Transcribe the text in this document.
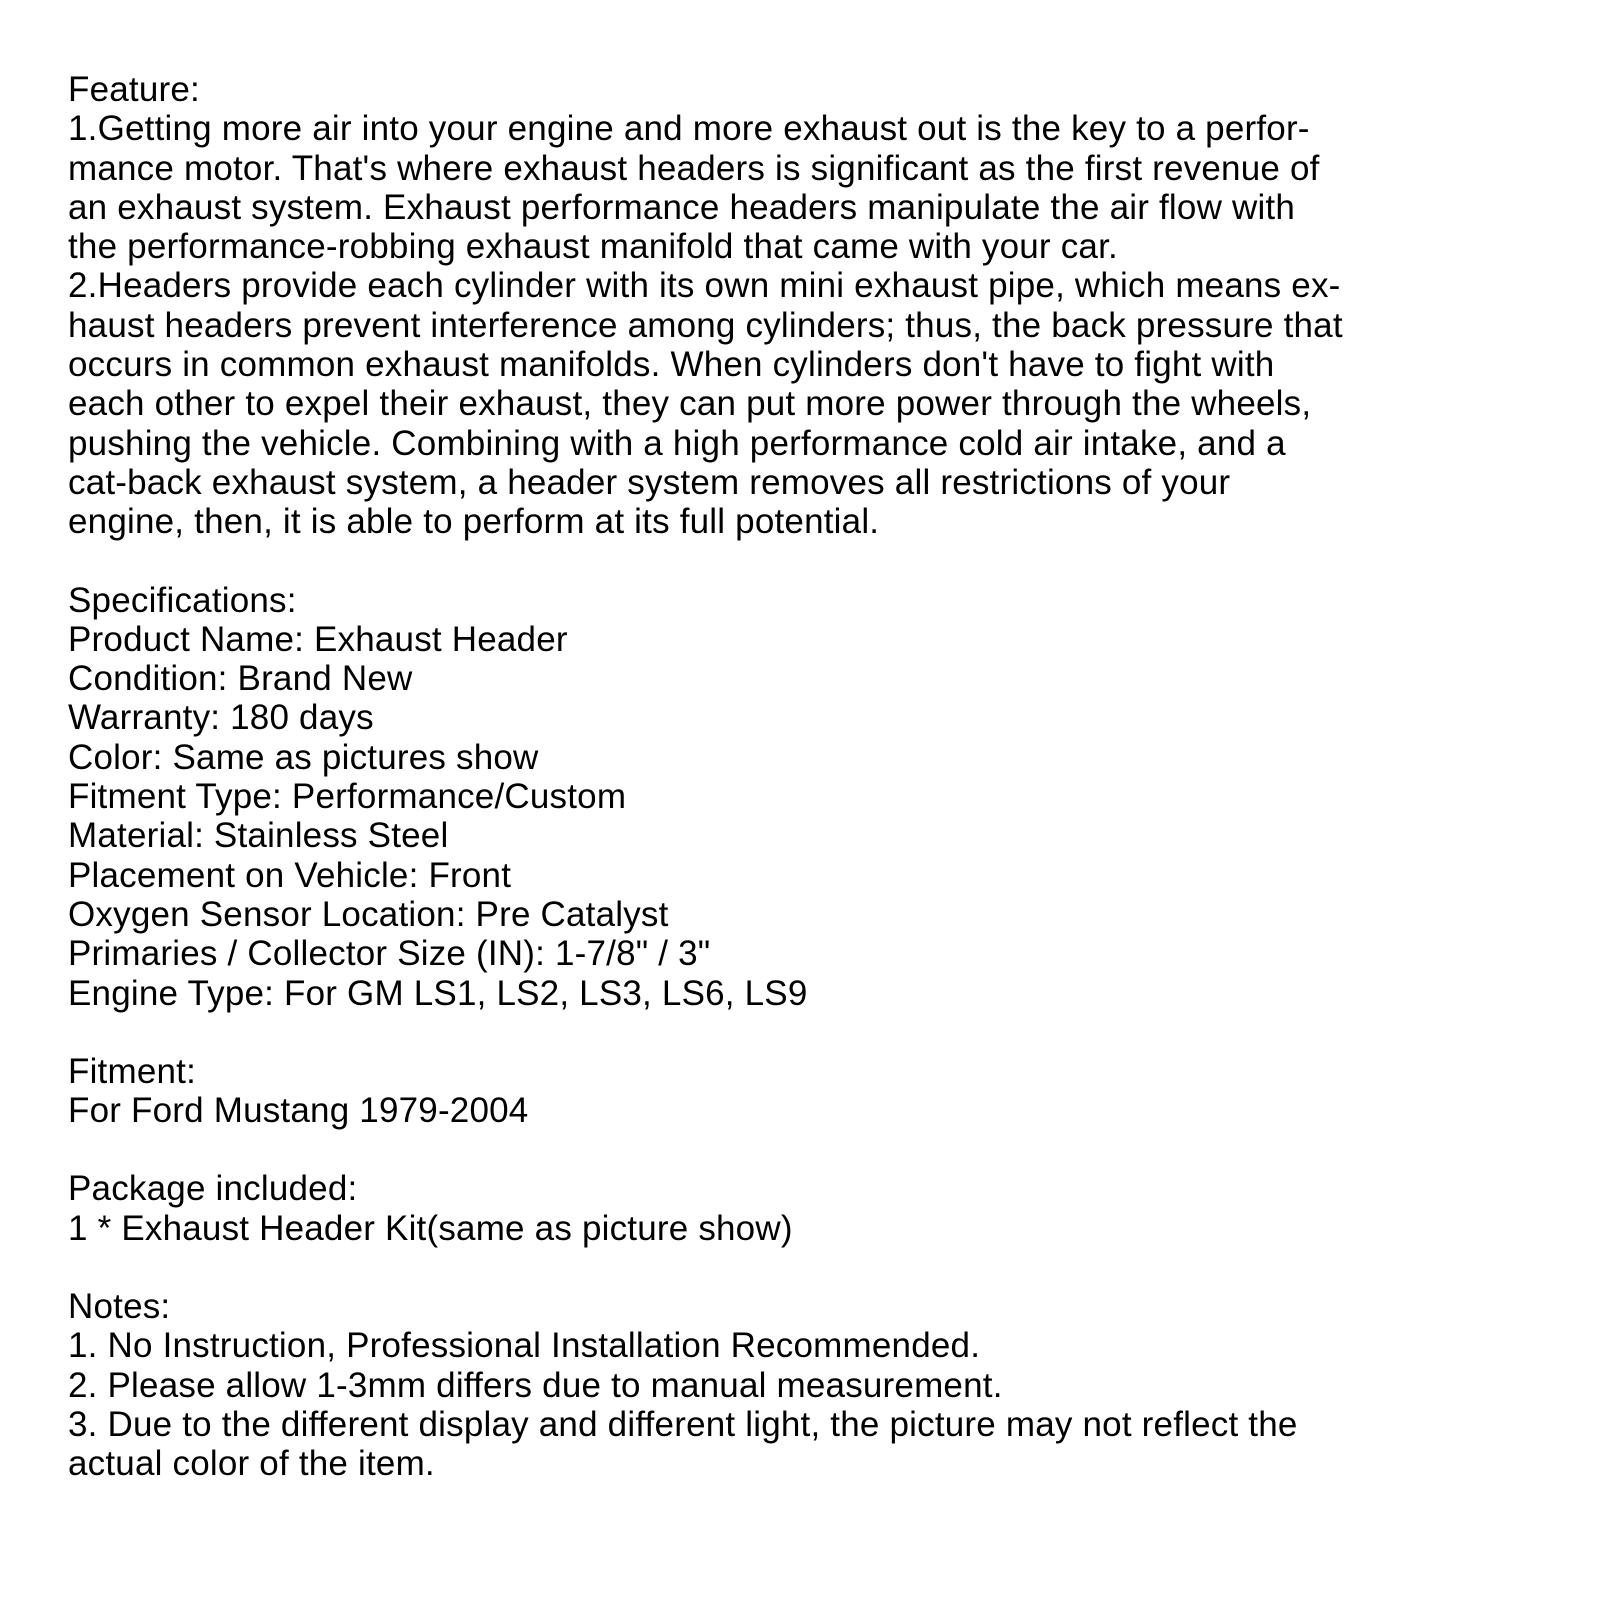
Feature:
1.Getting more air into your engine and more exhaust out is the key to a perfor-
mance motor. That's where exhaust headers is significant as the first revenue of
an exhaust system. Exhaust performance headers manipulate the air flow with
the performance-robbing exhaust manifold that came with your car.
2.Headers provide each cylinder with its own mini exhaust pipe, which means ex-
haust headers prevent interference among cylinders; thus, the back pressure that
occurs in common exhaust manifolds. When cylinders don't have to fight with
each other to expel their exhaust, they can put more power through the wheels,
pushing the vehicle. Combining with a high performance cold air intake, and a
cat-back exhaust system, a header system removes all restrictions of your
engine, then, it is able to perform at its full potential.
Specifications:
Product Name: Exhaust Header
Condition: Brand New
Warranty: 180 days
Color: Same as pictures show
Fitment Type: Performance/Custom
Material: Stainless Steel
Placement on Vehicle: Front
Oxygen Sensor Location: Pre Catalyst
Primaries / Collector Size (IN): 1-7/8" / 3"
Engine Type: For GM LS1, LS2, LS3, LS6, LS9
Fitment:
For Ford Mustang 1979-2004
Package included:
1 * Exhaust Header Kit(same as picture show)
Notes:
1. No Instruction, Professional Installation Recommended.
2. Please allow 1-3mm differs due to manual measurement.
3. Due to the different display and different light, the picture may not reflect the
actual color of the item.
